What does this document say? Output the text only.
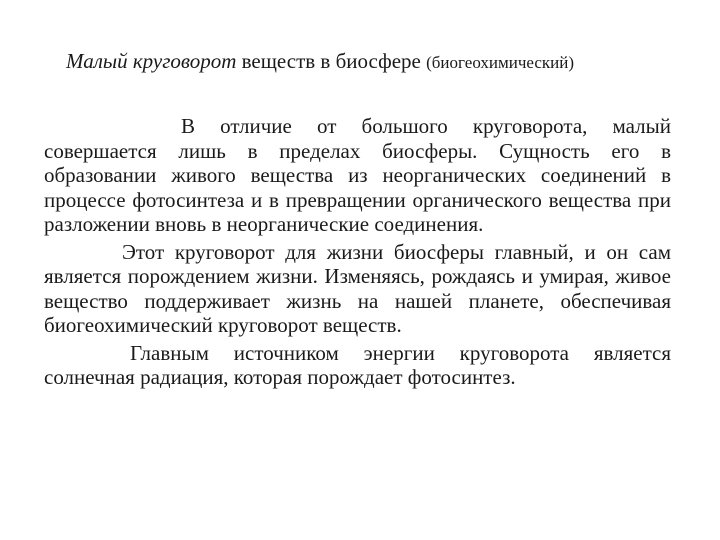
Малый круговорот веществ в биосфере (биогеохимический)

В отличие от большого круговорота, малый совершается лишь в пределах биосферы. Сущность его в образовании живого вещества из неорганических соединений в процессе фотосинтеза и в превращении органического вещества при разложении вновь в неорганические соединения.

Этот круговорот для жизни биосферы главный, и он сам является порождением жизни. Изменяясь, рождаясь и умирая, живое вещество поддерживает жизнь на нашей планете, обеспечивая биогеохимический круговорот веществ.

Главным источником энергии круговорота является солнечная радиация, которая порождает фотосинтез.
